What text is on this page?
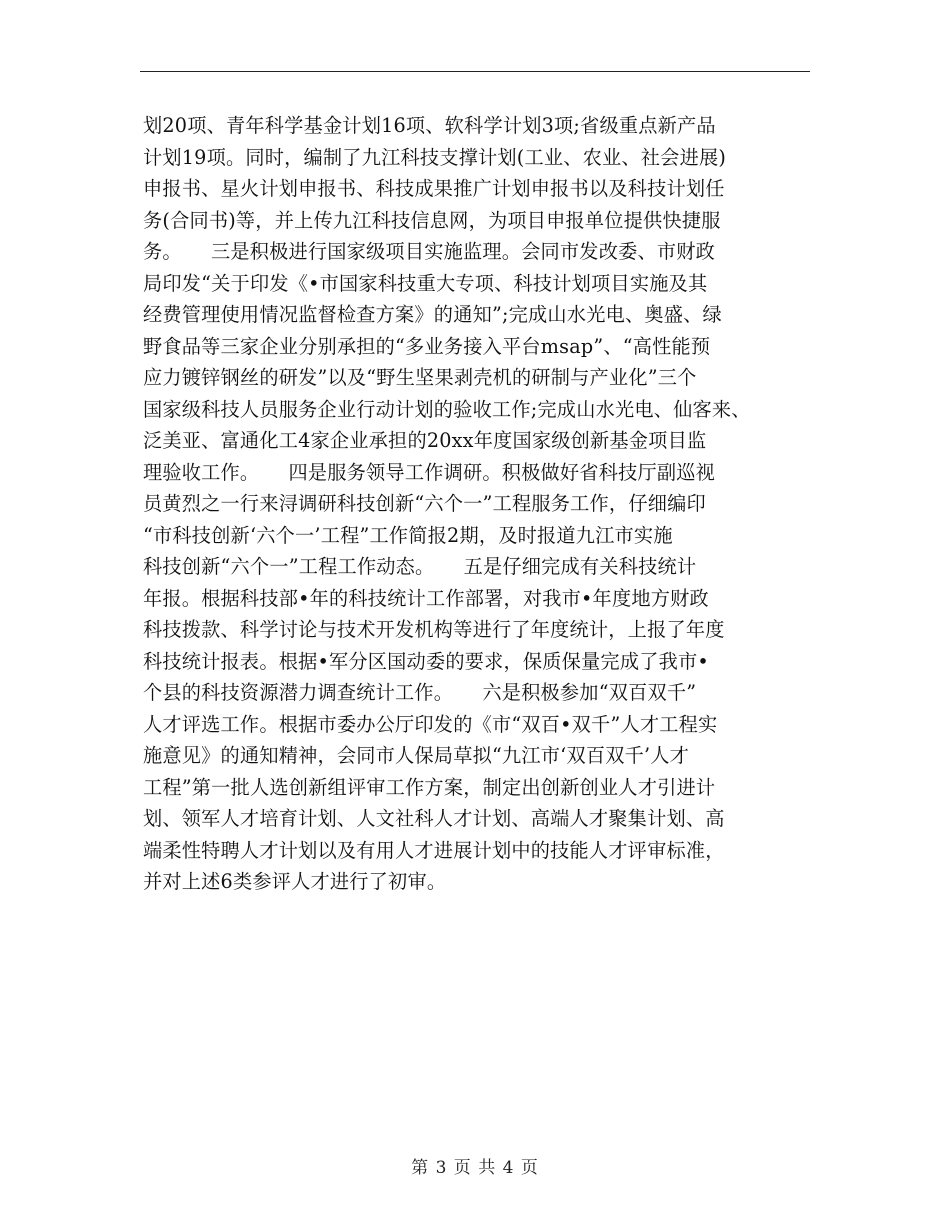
划20项、青年科学基金计划16项、软科学计划3项;省级重点新产品
计划19项。同时，编制了九江科技支撑计划(工业、农业、社会进展)
申报书、星火计划申报书、科技成果推广计划申报书以及科技计划任
务(合同书)等，并上传九江科技信息网，为项目申报单位提供快捷服
务。　　三是积极进行国家级项目实施监理。会同市发改委、市财政
局印发“关于印发《•市国家科技重大专项、科技计划项目实施及其
经费管理使用情况监督检查方案》的通知”;完成山水光电、奥盛、绿
野食品等三家企业分别承担的“多业务接入平台msap”、“高性能预
应力镀锌钢丝的研发”以及“野生坚果剥壳机的研制与产业化”三个
国家级科技人员服务企业行动计划的验收工作;完成山水光电、仙客来、
泛美亚、富通化工4家企业承担的20xx年度国家级创新基金项目监
理验收工作。　　四是服务领导工作调研。积极做好省科技厅副巡视
员黄烈之一行来浔调研科技创新“六个一”工程服务工作，仔细编印
“市科技创新‘六个一’工程”工作简报2期，及时报道九江市实施
科技创新“六个一”工程工作动态。　　五是仔细完成有关科技统计
年报。根据科技部•年的科技统计工作部署，对我市•年度地方财政
科技拨款、科学讨论与技术开发机构等进行了年度统计，上报了年度
科技统计报表。根据•军分区国动委的要求，保质保量完成了我市•
个县的科技资源潜力调查统计工作。　　六是积极参加“双百双千”
人才评选工作。根据市委办公厅印发的《市“双百•双千”人才工程实
施意见》的通知精神，会同市人保局草拟“九江市‘双百双千’人才
工程”第一批人选创新组评审工作方案，制定出创新创业人才引进计
划、领军人才培育计划、人文社科人才计划、高端人才聚集计划、高
端柔性特聘人才计划以及有用人才进展计划中的技能人才评审标准，
并对上述6类参评人才进行了初审。
第 3 页 共 4 页
